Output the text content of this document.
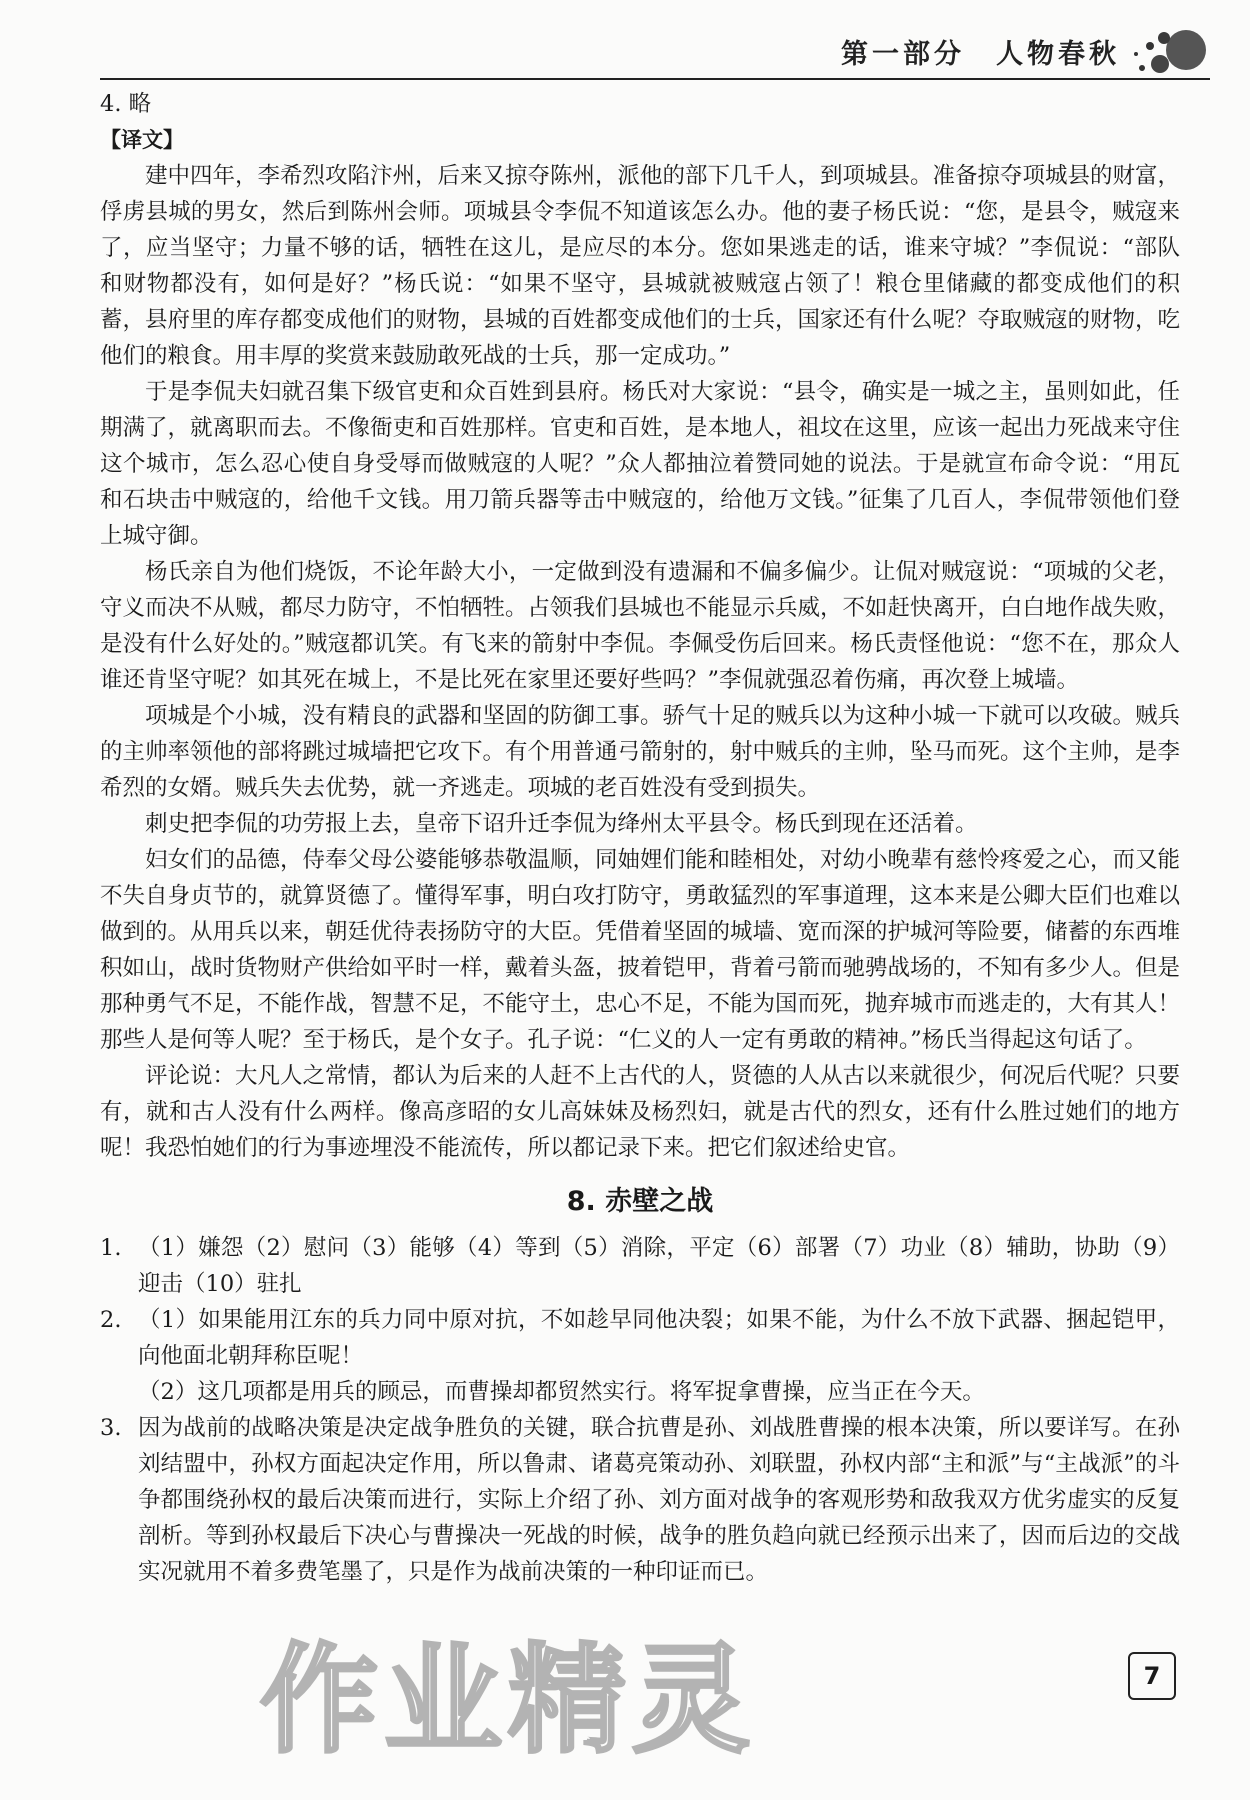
第一部分　人物春秋

4. 略

【译文】

建中四年，李希烈攻陷汴州，后来又掠夺陈州，派他的部下几千人，到项城县。准备掠夺项城县的财富，俘虏县城的男女，然后到陈州会师。项城县令李侃不知道该怎么办。他的妻子杨氏说：“您，是县令，贼寇来了，应当坚守；力量不够的话，牺牲在这儿，是应尽的本分。您如果逃走的话，谁来守城？”李侃说：“部队和财物都没有，如何是好？”杨氏说：“如果不坚守，县城就被贼寇占领了！粮仓里储藏的都变成他们的积蓄，县府里的库存都变成他们的财物，县城的百姓都变成他们的士兵，国家还有什么呢？夺取贼寇的财物，吃他们的粮食。用丰厚的奖赏来鼓励敢死战的士兵，那一定成功。”

于是李侃夫妇就召集下级官吏和众百姓到县府。杨氏对大家说：“县令，确实是一城之主，虽则如此，任期满了，就离职而去。不像衙吏和百姓那样。官吏和百姓，是本地人，祖坟在这里，应该一起出力死战来守住这个城市，怎么忍心使自身受辱而做贼寇的人呢？”众人都抽泣着赞同她的说法。于是就宣布命令说：“用瓦和石块击中贼寇的，给他千文钱。用刀箭兵器等击中贼寇的，给他万文钱。”征集了几百人，李侃带领他们登上城守御。

杨氏亲自为他们烧饭，不论年龄大小，一定做到没有遗漏和不偏多偏少。让侃对贼寇说：“项城的父老，守义而决不从贼，都尽力防守，不怕牺牲。占领我们县城也不能显示兵威，不如赶快离开，白白地作战失败，是没有什么好处的。”贼寇都讥笑。有飞来的箭射中李侃。李佩受伤后回来。杨氏责怪他说：“您不在，那众人谁还肯坚守呢？如其死在城上，不是比死在家里还要好些吗？”李侃就强忍着伤痛，再次登上城墙。

项城是个小城，没有精良的武器和坚固的防御工事。骄气十足的贼兵以为这种小城一下就可以攻破。贼兵的主帅率领他的部将跳过城墙把它攻下。有个用普通弓箭射的，射中贼兵的主帅，坠马而死。这个主帅，是李希烈的女婿。贼兵失去优势，就一齐逃走。项城的老百姓没有受到损失。

刺史把李侃的功劳报上去，皇帝下诏升迁李侃为绛州太平县令。杨氏到现在还活着。

妇女们的品德，侍奉父母公婆能够恭敬温顺，同妯娌们能和睦相处，对幼小晚辈有慈怜疼爱之心，而又能不失自身贞节的，就算贤德了。懂得军事，明白攻打防守，勇敢猛烈的军事道理，这本来是公卿大臣们也难以做到的。从用兵以来，朝廷优待表扬防守的大臣。凭借着坚固的城墙、宽而深的护城河等险要，储蓄的东西堆积如山，战时货物财产供给如平时一样，戴着头盔，披着铠甲，背着弓箭而驰骋战场的，不知有多少人。但是那种勇气不足，不能作战，智慧不足，不能守土，忠心不足，不能为国而死，抛弃城市而逃走的，大有其人！那些人是何等人呢？至于杨氏，是个女子。孔子说：“仁义的人一定有勇敢的精神。”杨氏当得起这句话了。

评论说：大凡人之常情，都认为后来的人赶不上古代的人，贤德的人从古以来就很少，何况后代呢？只要有，就和古人没有什么两样。像高彦昭的女儿高妹妹及杨烈妇，就是古代的烈女，还有什么胜过她们的地方呢！我恐怕她们的行为事迹埋没不能流传，所以都记录下来。把它们叙述给史官。

8. 赤壁之战
1. （1）嫌怨（2）慰问（3）能够（4）等到（5）消除，平定（6）部署（7）功业（8）辅助，协助（9）迎击（10）驻扎
2. （1）如果能用江东的兵力同中原对抗，不如趁早同他决裂；如果不能，为什么不放下武器、捆起铠甲，向他面北朝拜称臣呢！
（2）这几项都是用兵的顾忌，而曹操却都贸然实行。将军捉拿曹操，应当正在今天。
3. 因为战前的战略决策是决定战争胜负的关键，联合抗曹是孙、刘战胜曹操的根本决策，所以要详写。在孙刘结盟中，孙权方面起决定作用，所以鲁肃、诸葛亮策动孙、刘联盟，孙权内部“主和派”与“主战派”的斗争都围绕孙权的最后决策而进行，实际上介绍了孙、刘方面对战争的客观形势和敌我双方优劣虚实的反复剖析。等到孙权最后下决心与曹操决一死战的时候，战争的胜负趋向就已经预示出来了，因而后边的交战实况就用不着多费笔墨了，只是作为战前决策的一种印证而已。
作业精灵	7
